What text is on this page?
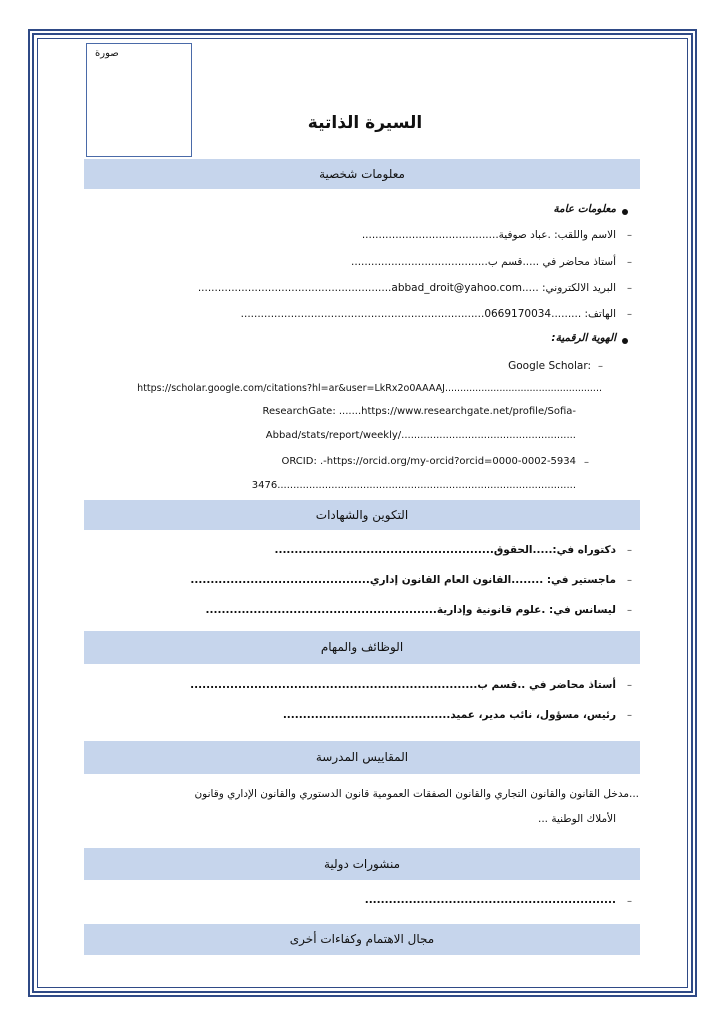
صورة
السيرة الذاتية
معلومات شخصية
معلومات عامة
–
الاسم واللقب: .عباد صوفية.........................................
–
أستاذ محاضر في .....قسم ب.........................................
–
البريد الالكتروني: .....abbad_droit@yahoo.com..........................................................
–
الهاتف: .........0669170034.........................................................................
الهوية الرقمية:
–
Google Scholar:
https://scholar.google.com/citations?hl=ar&user=LkRx2o0AAAAJ....................................................
ResearchGate: .......https://www.researchgate.net/profile/Sofia-
Abbad/stats/report/weekly/.......................................................
–
ORCID: .-https://orcid.org/my-orcid?orcid=0000-0002-5934
3476..............................................................................................
التكوين والشهادات
–
دكتوراه في:.....الحقوق.......................................................
–
ماجستير في: ........القانون العام القانون إداري.............................................
–
ليسانس في: .علوم قانونية وإدارية..........................................................
الوظائف والمهام
–
أستاذ محاضر في ..قسم ب........................................................................
–
رئيس، مسؤول، نائب مدير، عميد..........................................
المقاييس المدرسة
...مدخل القانون والقانون التجاري والقانون الصفقات العمومية قانون الدستوري والقانون الإداري وقانون
الأملاك الوطنية ...
منشورات دولية
–
...............................................................
مجال الاهتمام وكفاءات أخرى
